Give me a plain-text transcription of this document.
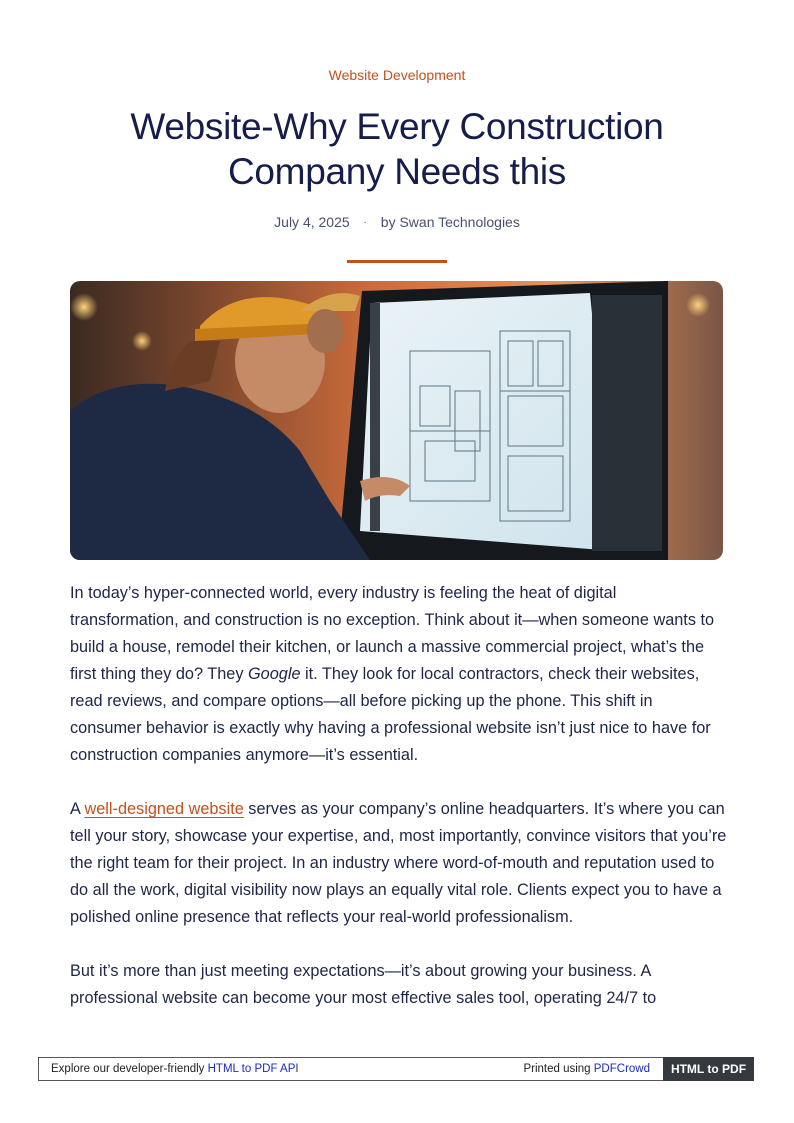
Website Development
Website-Why Every Construction Company Needs this
July 4, 2025 · by Swan Technologies

In today’s hyper-connected world, every industry is feeling the heat of digital transformation, and construction is no exception. Think about it—when someone wants to build a house, remodel their kitchen, or launch a massive commercial project, what’s the first thing they do? They Google it. They look for local contractors, check their websites, read reviews, and compare options—all before picking up the phone. This shift in consumer behavior is exactly why having a professional website isn’t just nice to have for construction companies anymore—it’s essential.

A well-designed website serves as your company’s online headquarters. It’s where you can tell your story, showcase your expertise, and, most importantly, convince visitors that you’re the right team for their project. In an industry where word-of-mouth and reputation used to do all the work, digital visibility now plays an equally vital role. Clients expect you to have a polished online presence that reflects your real-world professionalism.

But it’s more than just meeting expectations—it’s about growing your business. A professional website can become your most effective sales tool, operating 24/7 to

Explore our developer-friendly HTML to PDF API	Printed using PDFCrowd	HTML to PDF
